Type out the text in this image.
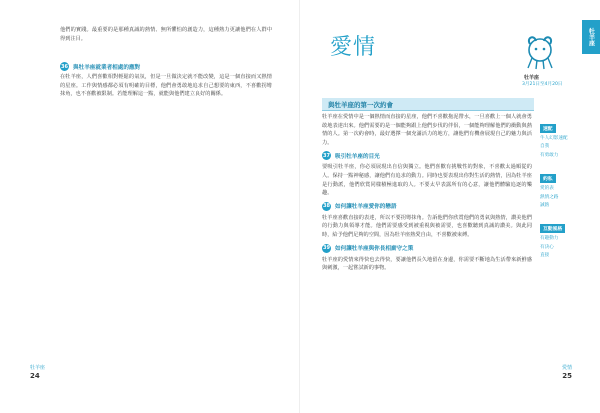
他們的實踐。最重要的是那種真誠的熱情、無所懼怕的創造力，這種熱力更讓他們在人群中得到注目。

36 與牡羊座就業者相處的應對

在牡羊座，人們喜歡相對輕鬆的氣氛，但是一旦做決定就不能改變，這是一個直接而又熱情的星座。工作與情感都必須有明確的目標，他們會勇敢地追求自己想要的東西，不喜歡拐彎抹角，也不喜歡被限制。若能理解這一點，就能與他們建立良好的關係。

牡羊座
24
愛情	牡羊座
牡羊座
3月21日至4月20日
與牡羊座的第一次約會

牡羊座在愛情中是一個熱情而直接的星座，他們不喜歡拖泥帶水，一旦喜歡上一個人就會勇敢地表達出來。他們需要的是一個能夠跟上他們步伐的伴侶，一個能夠理解他們的衝動與熱情的人。第一次約會時，最好選擇一個充滿活力的地方，讓他們有機會展現自己的魅力與活力。

37 吸引牡羊座的目光

要吸引牡羊座，你必須展現出自信與獨立。他們喜歡有挑戰性的對象，不喜歡太過順從的人。保持一點神秘感，讓他們有追求的動力。同時也要表現出你對生活的熱情，因為牡羊座是行動派，他們欣賞同樣積極進取的人。不要太早表露所有的心意，讓他們體驗追逐的樂趣。

38 如何讓牡羊座愛你的戀語

牡羊座喜歡直接的表達，所以不要拐彎抹角。告訴他們你欣賞他們的勇氣與熱情，讚美他們的行動力與領導才能。他們需要感受到被重視與被需要，也喜歡聽到真誠的讚美。與此同時，給予他們足夠的空間，因為牡羊座熱愛自由，不喜歡被束縛。

39 如何讓牡羊座與你長相廝守之策

牡羊座的愛情來得快也去得快，要讓他們長久地留在身邊，你需要不斷地為生活帶來新鮮感與刺激，一起嘗試新的事物。

速配
牛人幻影速配
自我
有勇敢力
約私
愛的表
熱情之路
誠熱
互動風格
有趣動力
有決心
直接
愛情
25
